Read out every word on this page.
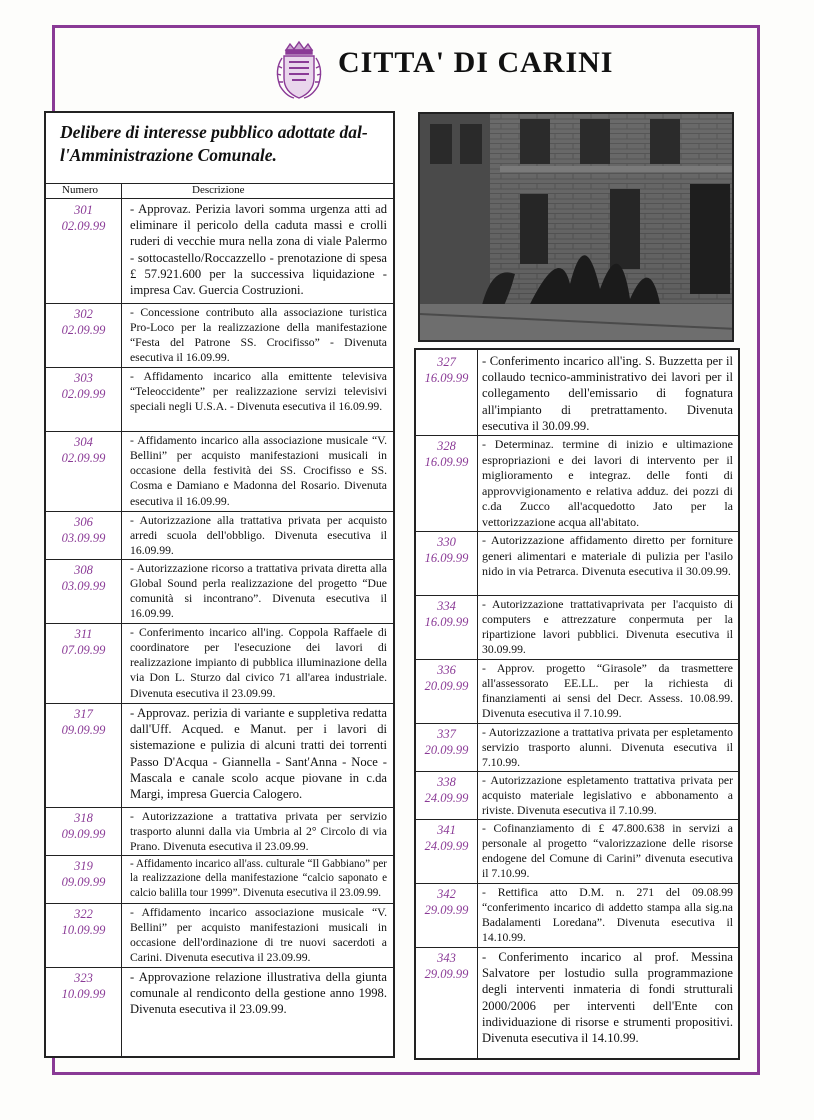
CITTA' DI CARINI
Delibere di interesse pubblico adottate dal-l'Amministrazione Comunale.
Numero	Descrizione
301
02.09.99
- Approvaz. Perizia lavori somma urgenza atti ad eliminare il pericolo della caduta massi e crolli ruderi di vecchie mura nella zona di viale Palermo - sottocastello/Roccazzello - prenotazione di spesa £ 57.921.600 per la successiva liquidazione - impresa Cav. Guercia Costruzioni.
302
02.09.99
- Concessione contributo alla associazione turistica Pro-Loco per la realizzazione della manifestazione “Festa del Patrone SS. Crocifisso” - Divenuta esecutiva il 16.09.99.
303
02.09.99
- Affidamento incarico alla emittente televisiva “Teleoccidente” per realizzazione servizi televisivi speciali negli U.S.A. - Divenuta esecutiva il 16.09.99.
304
02.09.99
- Affidamento incarico alla associazione musicale “V. Bellini” per acquisto manifestazioni musicali in occasione della festività dei SS. Crocifisso e SS. Cosma e Damiano e Madonna del Rosario. Divenuta esecutiva il 16.09.99.
306
03.09.99
- Autorizzazione alla trattativa privata per acquisto arredi scuola dell'obbligo. Divenuta esecutiva il 16.09.99.
308
03.09.99
- Autorizzazione ricorso a trattativa privata diretta alla Global Sound perla realizzazione del progetto “Due comunità si incontrano”. Divenuta esecutiva il 16.09.99.
311
07.09.99
- Conferimento incarico all'ing. Coppola Raffaele di coordinatore per l'esecuzione dei lavori di realizzazione impianto di pubblica illuminazione della via Don L. Sturzo dal civico 71 all'area industriale. Divenuta esecutiva il 23.09.99.
317
09.09.99
- Approvaz. perizia di variante e suppletiva redatta dall'Uff. Acqued. e Manut. per i lavori di sistemazione e pulizia di alcuni tratti dei torrenti Passo D'Acqua - Giannella - Sant'Anna - Noce - Mascala e canale scolo acque piovane in c.da Margi, impresa Guercia Calogero.
318
09.09.99
- Autorizzazione a trattativa privata per servizio trasporto alunni dalla via Umbria al 2° Circolo di via Prano. Divenuta esecutiva il 23.09.99.
319
09.09.99
- Affidamento incarico all'ass. culturale “Il Gabbiano” per la realizzazione della manifestazione “calcio saponato e calcio balilla tour 1999”. Divenuta esecutiva il 23.09.99.
322
10.09.99
- Affidamento incarico associazione musicale “V. Bellini” per acquisto manifestazioni musicali in occasione dell'ordinazione di tre nuovi sacerdoti a Carini. Divenuta esecutiva il 23.09.99.
323
10.09.99
- Approvazione relazione illustrativa della giunta comunale al rendiconto della gestione anno 1998. Divenuta esecutiva il 23.09.99.
327
16.09.99
- Conferimento incarico all'ing. S. Buzzetta per il collaudo tecnico-amministrativo dei lavori per il collegamento dell'emissario di fognatura all'impianto di pretrattamento. Divenuta esecutiva il 30.09.99.
328
16.09.99
- Determinaz. termine di inizio e ultimazione espropriazioni e dei lavori di intervento per il miglioramento e integraz. delle fonti di approvvigionamento e relativa adduz. dei pozzi di c.da Zucco all'acquedotto Jato per la vettorizzazione acqua all'abitato.
330
16.09.99
- Autorizzazione affidamento diretto per forniture generi alimentari e materiale di pulizia per l'asilo nido in via Petrarca. Divenuta esecutiva il 30.09.99.
334
16.09.99
- Autorizzazione trattativaprivata per l'acquisto di computers e attrezzature conpermuta per la ripartizione lavori pubblici. Divenuta esecutiva il 30.09.99.
336
20.09.99
- Approv. progetto “Girasole” da trasmettere all'assessorato EE.LL. per la richiesta di finanziamenti ai sensi del Decr. Assess. 10.08.99. Divenuta esecutiva il 7.10.99.
337
20.09.99
- Autorizzazione a trattativa privata per espletamento servizio trasporto alunni. Divenuta esecutiva il 7.10.99.
338
24.09.99
- Autorizzazione espletamento trattativa privata per acquisto materiale legislativo e abbonamento a riviste. Divenuta esecutiva il 7.10.99.
341
24.09.99
- Cofinanziamento di £ 47.800.638 in servizi a personale al progetto “valorizzazione delle risorse endogene del Comune di Carini” divenuta esecutiva il 7.10.99.
342
29.09.99
- Rettifica atto D.M. n. 271 del 09.08.99 “conferimento incarico di addetto stampa alla sig.na Badalamenti Loredana”. Divenuta esecutiva il 14.10.99.
343
29.09.99
- Conferimento incarico al prof. Messina Salvatore per lostudio sulla programmazione degli interventi inmateria di fondi strutturali 2000/2006 per interventi dell'Ente con individuazione di risorse e strumenti propositivi. Divenuta esecutiva il 14.10.99.
